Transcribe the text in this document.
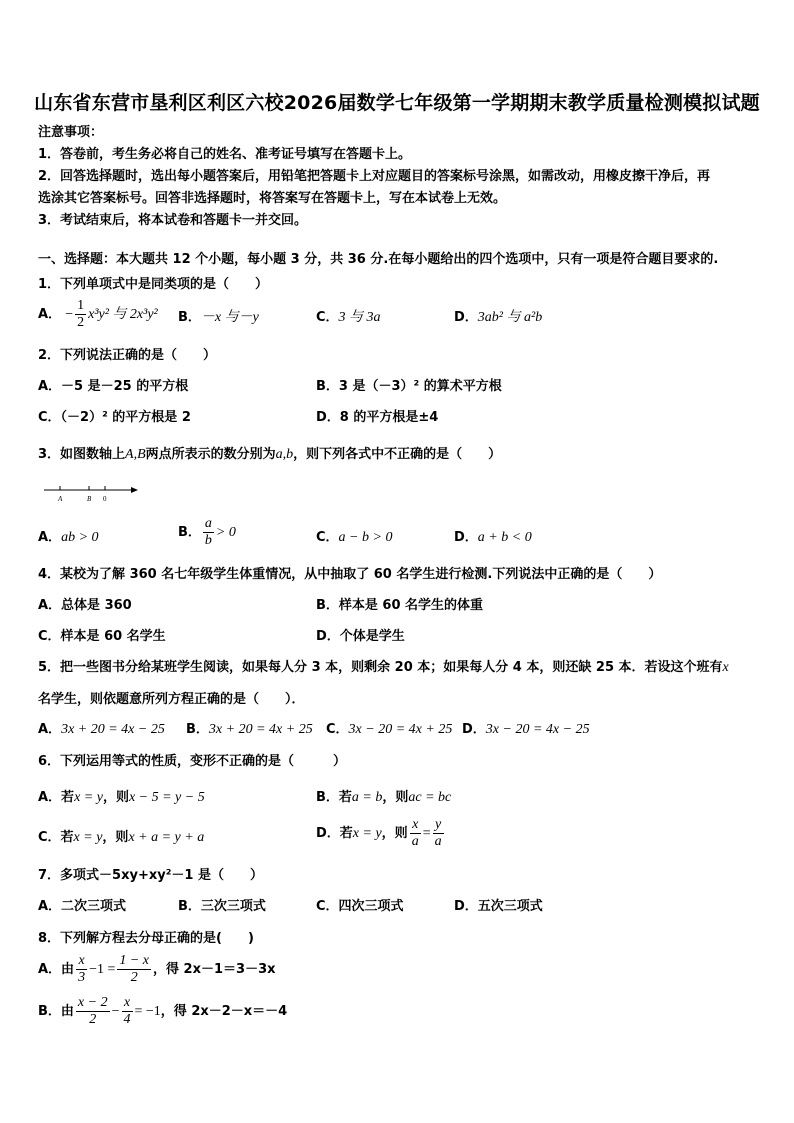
山东省东营市垦利区利区六校2026届数学七年级第一学期期末教学质量检测模拟试题
注意事项：
1．答卷前，考生务必将自己的姓名、准考证号填写在答题卡上。
2．回答选择题时，选出每小题答案后，用铅笔把答题卡上对应题目的答案标号涂黑，如需改动，用橡皮擦干净后，再
选涂其它答案标号。回答非选择题时，将答案写在答题卡上，写在本试卷上无效。
3．考试结束后，将本试卷和答题卡一并交回。
一、选择题：本大题共 12 个小题，每小题 3 分，共 36 分.在每小题给出的四个选项中，只有一项是符合题目要求的.
1．下列单项式中是同类项的是（　　）
A． − $\frac{1}{2} x^3y^2$ 与 2x³y² B．－x 与－y	C．3 与 3a	D．3ab² 与 a²b
2．下列说法正确的是（　　）
A．－5 是－25 的平方根	B．3 是（－3）² 的算术平方根
C．（－2）² 的平方根是 2	D．8 的平方根是±4
3．如图数轴上A,B两点所表示的数分别为a,b，则下列各式中不正确的是（　　）
A	B 0
A．ab > 0	B． $\frac{a}{b} > 0$	C．a − b > 0	D．a + b < 0
4．某校为了解 360 名七年级学生体重情况，从中抽取了 60 名学生进行检测.下列说法中正确的是（　　）
A．总体是 360	B．样本是 60 名学生的体重
C．样本是 60 名学生	D．个体是学生
5．把一些图书分给某班学生阅读，如果每人分 3 本，则剩余 20 本；如果每人分 4 本，则还缺 25 本．若设这个班有x
名学生，则依题意所列方程正确的是（　　）．
A．3x + 20 = 4x − 25 B．3x + 20 = 4x + 25 C．3x − 20 = 4x + 25 D．3x − 20 = 4x − 25
6．下列运用等式的性质，变形不正确的是（　　　）
A．若x = y，则x − 5 = y − 5	B．若a = b，则ac = bc
C．若x = y，则x + a = y + a	D．若x = y，则 $\frac{x}{a} = \frac{y}{a}$
7．多项式－5xy+xy²－1 是（　　）
A．二次三项式	B．三次三项式	C．四次三项式	D．五次三项式
8．下列解方程去分母正确的是(　　)
A．由 $\frac{x}{3} -1 = \frac{1 - x}{2}$ ，得 2x－1＝3－3x
B．由 $\frac{x - 2}{2} - \frac{x}{4} = -1$，得 2x－2－x＝－4
